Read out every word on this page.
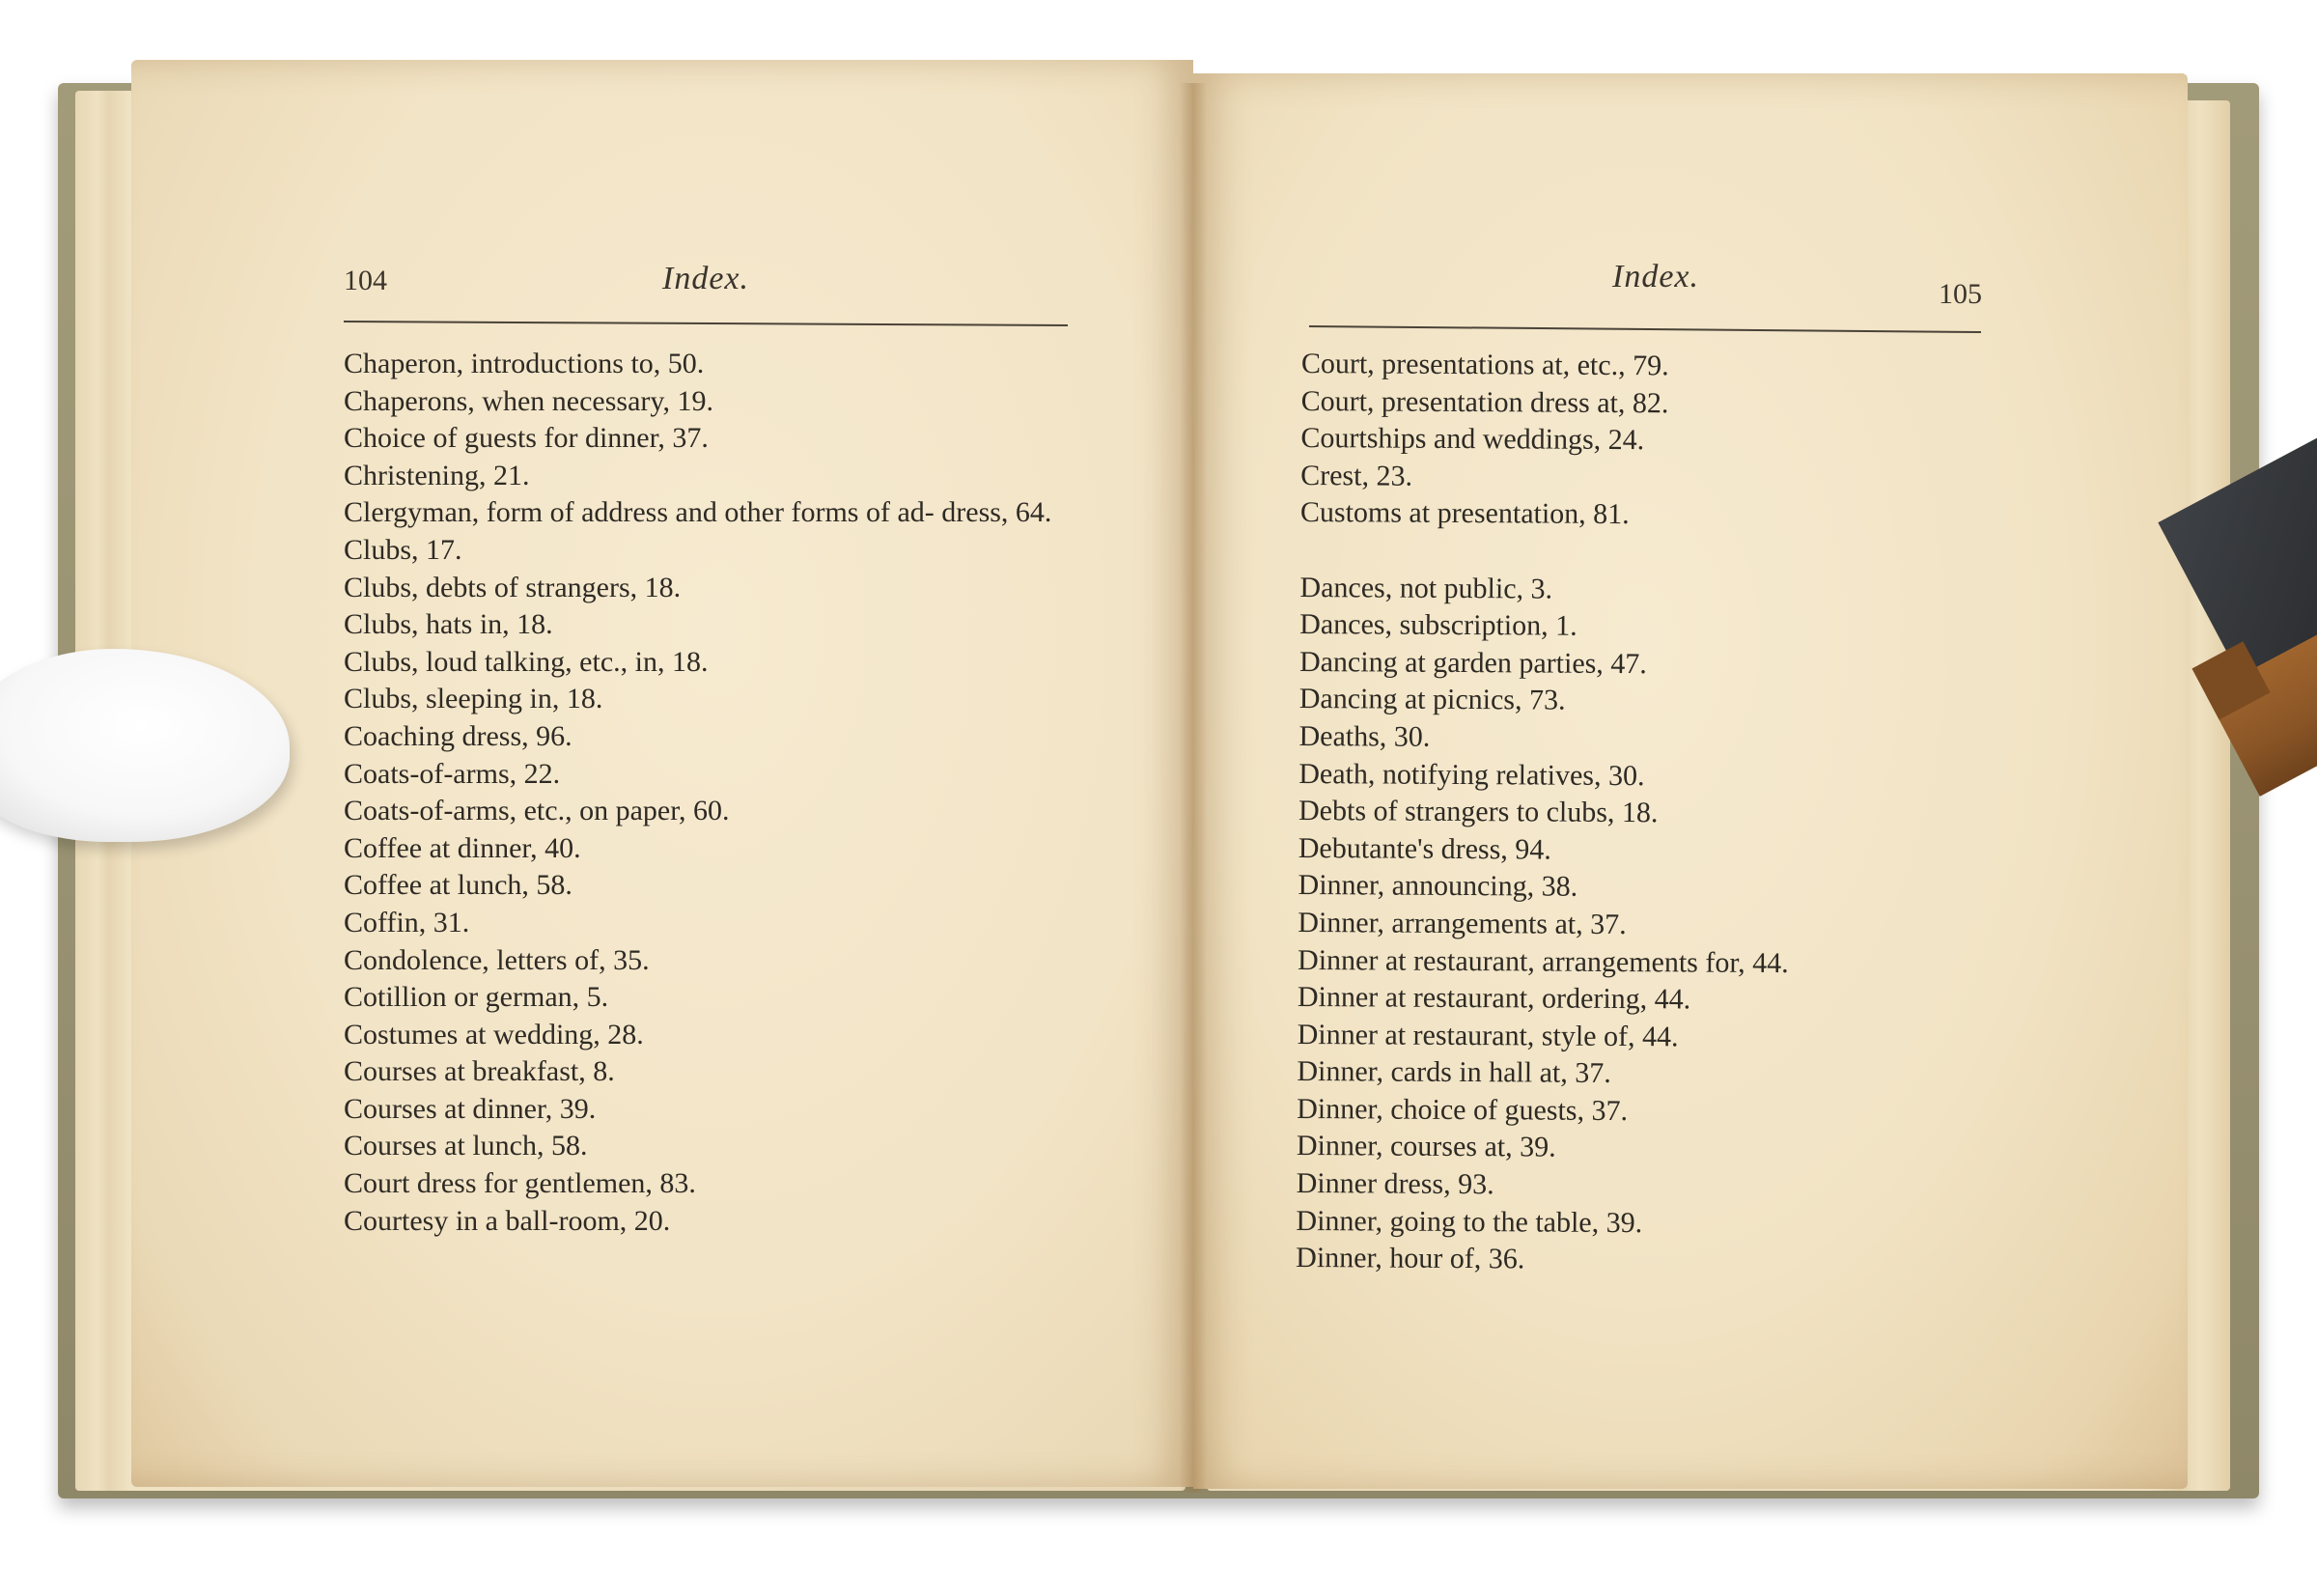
104	Index.
Chaperon, introductions to, 50.
Chaperons, when necessary, 19.
Choice of guests for dinner, 37.
Christening, 21.
Clergyman, form of address and other forms of ad- dress, 64.
Clubs, 17.
Clubs, debts of strangers, 18.
Clubs, hats in, 18.
Clubs, loud talking, etc., in, 18.
Clubs, sleeping in, 18.
Coaching dress, 96.
Coats-of-arms, 22.
Coats-of-arms, etc., on paper, 60.
Coffee at dinner, 40.
Coffee at lunch, 58.
Coffin, 31.
Condolence, letters of, 35.
Cotillion or german, 5.
Costumes at wedding, 28.
Courses at breakfast, 8.
Courses at dinner, 39.
Courses at lunch, 58.
Court dress for gentlemen, 83.
Courtesy in a ball-room, 20.
Index.	105
Court, presentations at, etc., 79.
Court, presentation dress at, 82.
Courtships and weddings, 24.
Crest, 23.
Customs at presentation, 81.
Dances, not public, 3.
Dances, subscription, 1.
Dancing at garden parties, 47.
Dancing at picnics, 73.
Deaths, 30.
Death, notifying relatives, 30.
Debts of strangers to clubs, 18.
Debutante's dress, 94.
Dinner, announcing, 38.
Dinner, arrangements at, 37.
Dinner at restaurant, arrangements for, 44.
Dinner at restaurant, ordering, 44.
Dinner at restaurant, style of, 44.
Dinner, cards in hall at, 37.
Dinner, choice of guests, 37.
Dinner, courses at, 39.
Dinner dress, 93.
Dinner, going to the table, 39.
Dinner, hour of, 36.
